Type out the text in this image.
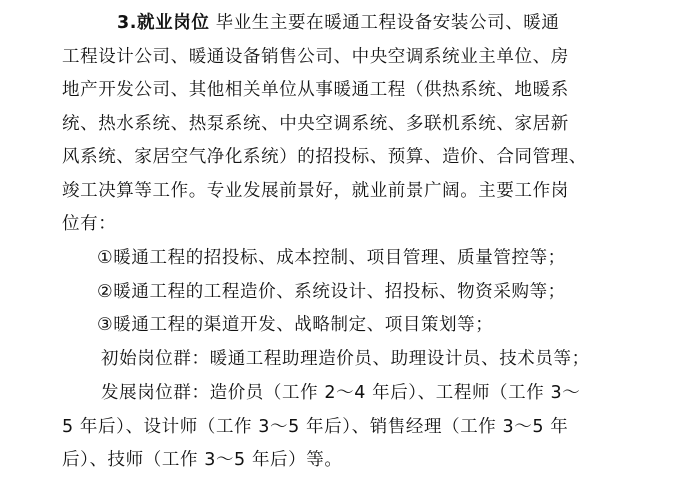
3.就业岗位 毕业生主要在暖通工程设备安装公司、暖通
工程设计公司、暖通设备销售公司、中央空调系统业主单位、房
地产开发公司、其他相关单位从事暖通工程（供热系统、地暖系
统、热水系统、热泵系统、中央空调系统、多联机系统、家居新
风系统、家居空气净化系统）的招投标、预算、造价、合同管理、
竣工决算等工作。专业发展前景好，就业前景广阔。主要工作岗
位有：
①暖通工程的招投标、成本控制、项目管理、质量管控等；
②暖通工程的工程造价、系统设计、招投标、物资采购等；
③暖通工程的渠道开发、战略制定、项目策划等；
初始岗位群：暖通工程助理造价员、助理设计员、技术员等；
发展岗位群：造价员（工作 2～4 年后）、工程师（工作 3～
5 年后）、设计师（工作 3～5 年后）、销售经理（工作 3～5 年
后）、技师（工作 3～5 年后）等。
